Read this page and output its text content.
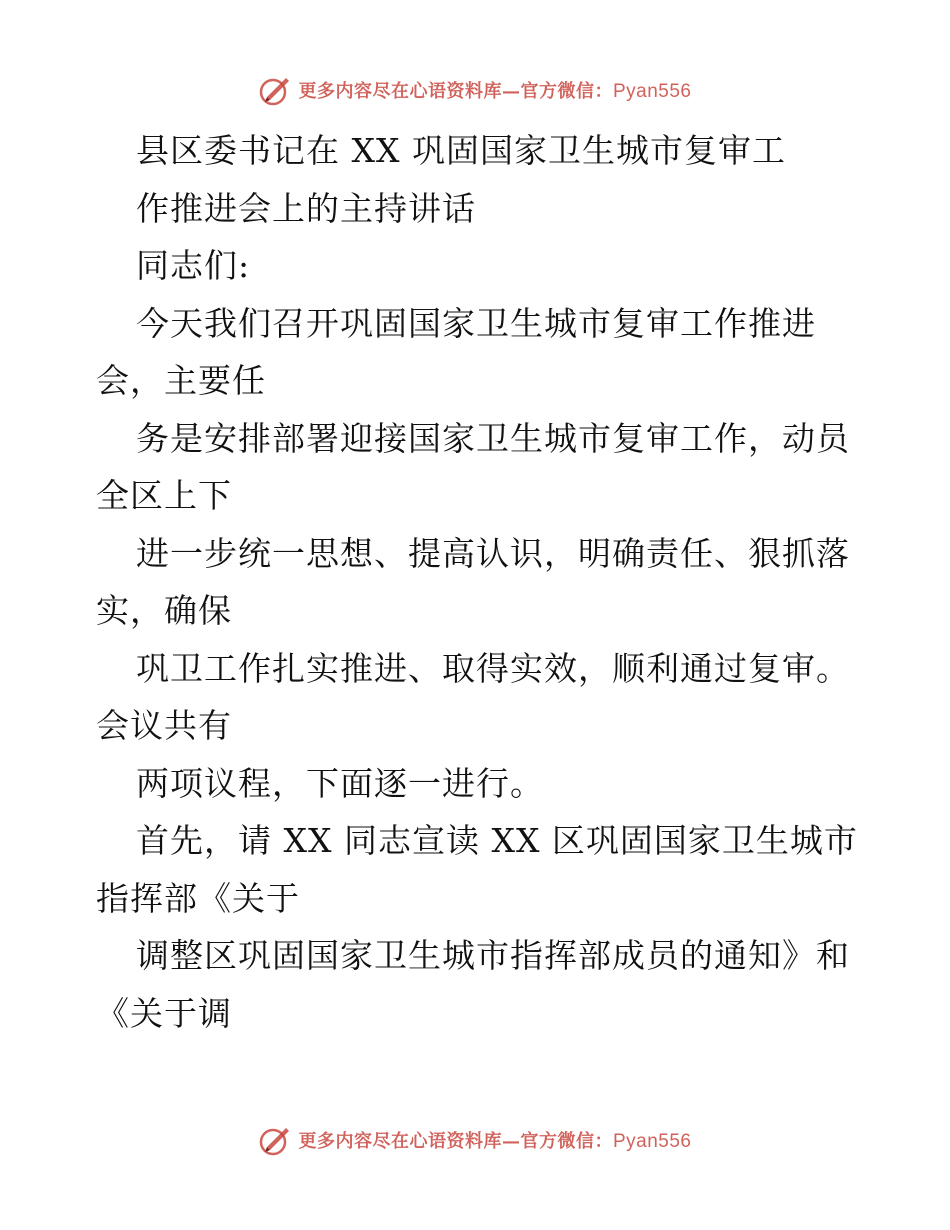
更多内容尽在心语资料库—官方微信：Pyan556
县区委书记在 XX 巩固国家卫生城市复审工
作推进会上的主持讲话
同志们:
今天我们召开巩固国家卫生城市复审工作推进
会，主要任
务是安排部署迎接国家卫生城市复审工作，动员
全区上下
进一步统一思想、提高认识，明确责任、狠抓落
实，确保
巩卫工作扎实推进、取得实效，顺利通过复审。
会议共有
两项议程，下面逐一进行。
首先，请 XX 同志宣读 XX 区巩固国家卫生城市
指挥部《关于
调整区巩固国家卫生城市指挥部成员的通知》和
《关于调
更多内容尽在心语资料库—官方微信：Pyan556
